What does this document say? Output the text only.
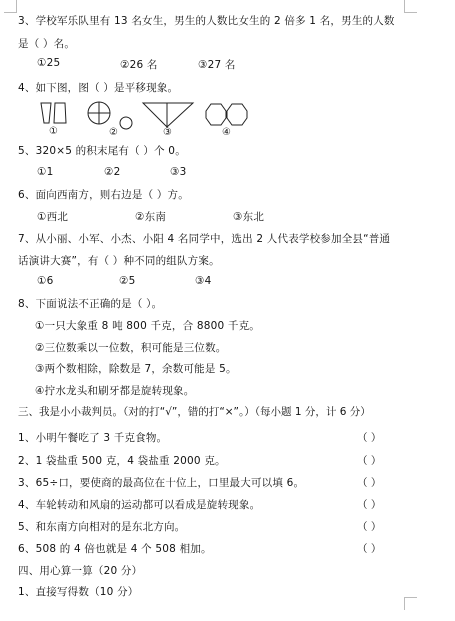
3、学校军乐队里有 13 名女生，男生的人数比女生的 2 倍多 1 名，男生的人数
是（ ）名。
①25	②26 名	③27 名
4、如下图，图（ ）是平移现象。
①	②	③	④
5、320×5 的积末尾有（ ）个 0。
①1	②2	③3
6、面向西南方，则右边是（ ）方。
①西北	②东南	③东北
7、从小丽、小军、小杰、小阳 4 名同学中，选出 2 人代表学校参加全县“普通
话演讲大赛”，有（ ）种不同的组队方案。
①6	②5	③4
8、下面说法不正确的是（ ）。
①一只大象重 8 吨 800 千克，合 8800 千克。
②三位数乘以一位数，积可能是三位数。
③两个数相除，除数是 7，余数可能是 5。
④拧水龙头和刷牙都是旋转现象。
三、我是小小裁判员。（对的打“√”，错的打“×”。）（每小题 1 分，计 6 分）
1、小明午餐吃了 3 千克食物。	（ ）
2、1 袋盐重 500 克，4 袋盐重 2000 克。	（ ）
3、65÷口，要使商的最高位在十位上，口里最大可以填 6。	（ ）
4、车轮转动和风扇的运动都可以看成是旋转现象。	（ ）
5、和东南方向相对的是东北方向。	（ ）
6、508 的 4 倍也就是 4 个 508 相加。	（ ）
四、用心算一算（20 分）
1、直接写得数（10 分）
